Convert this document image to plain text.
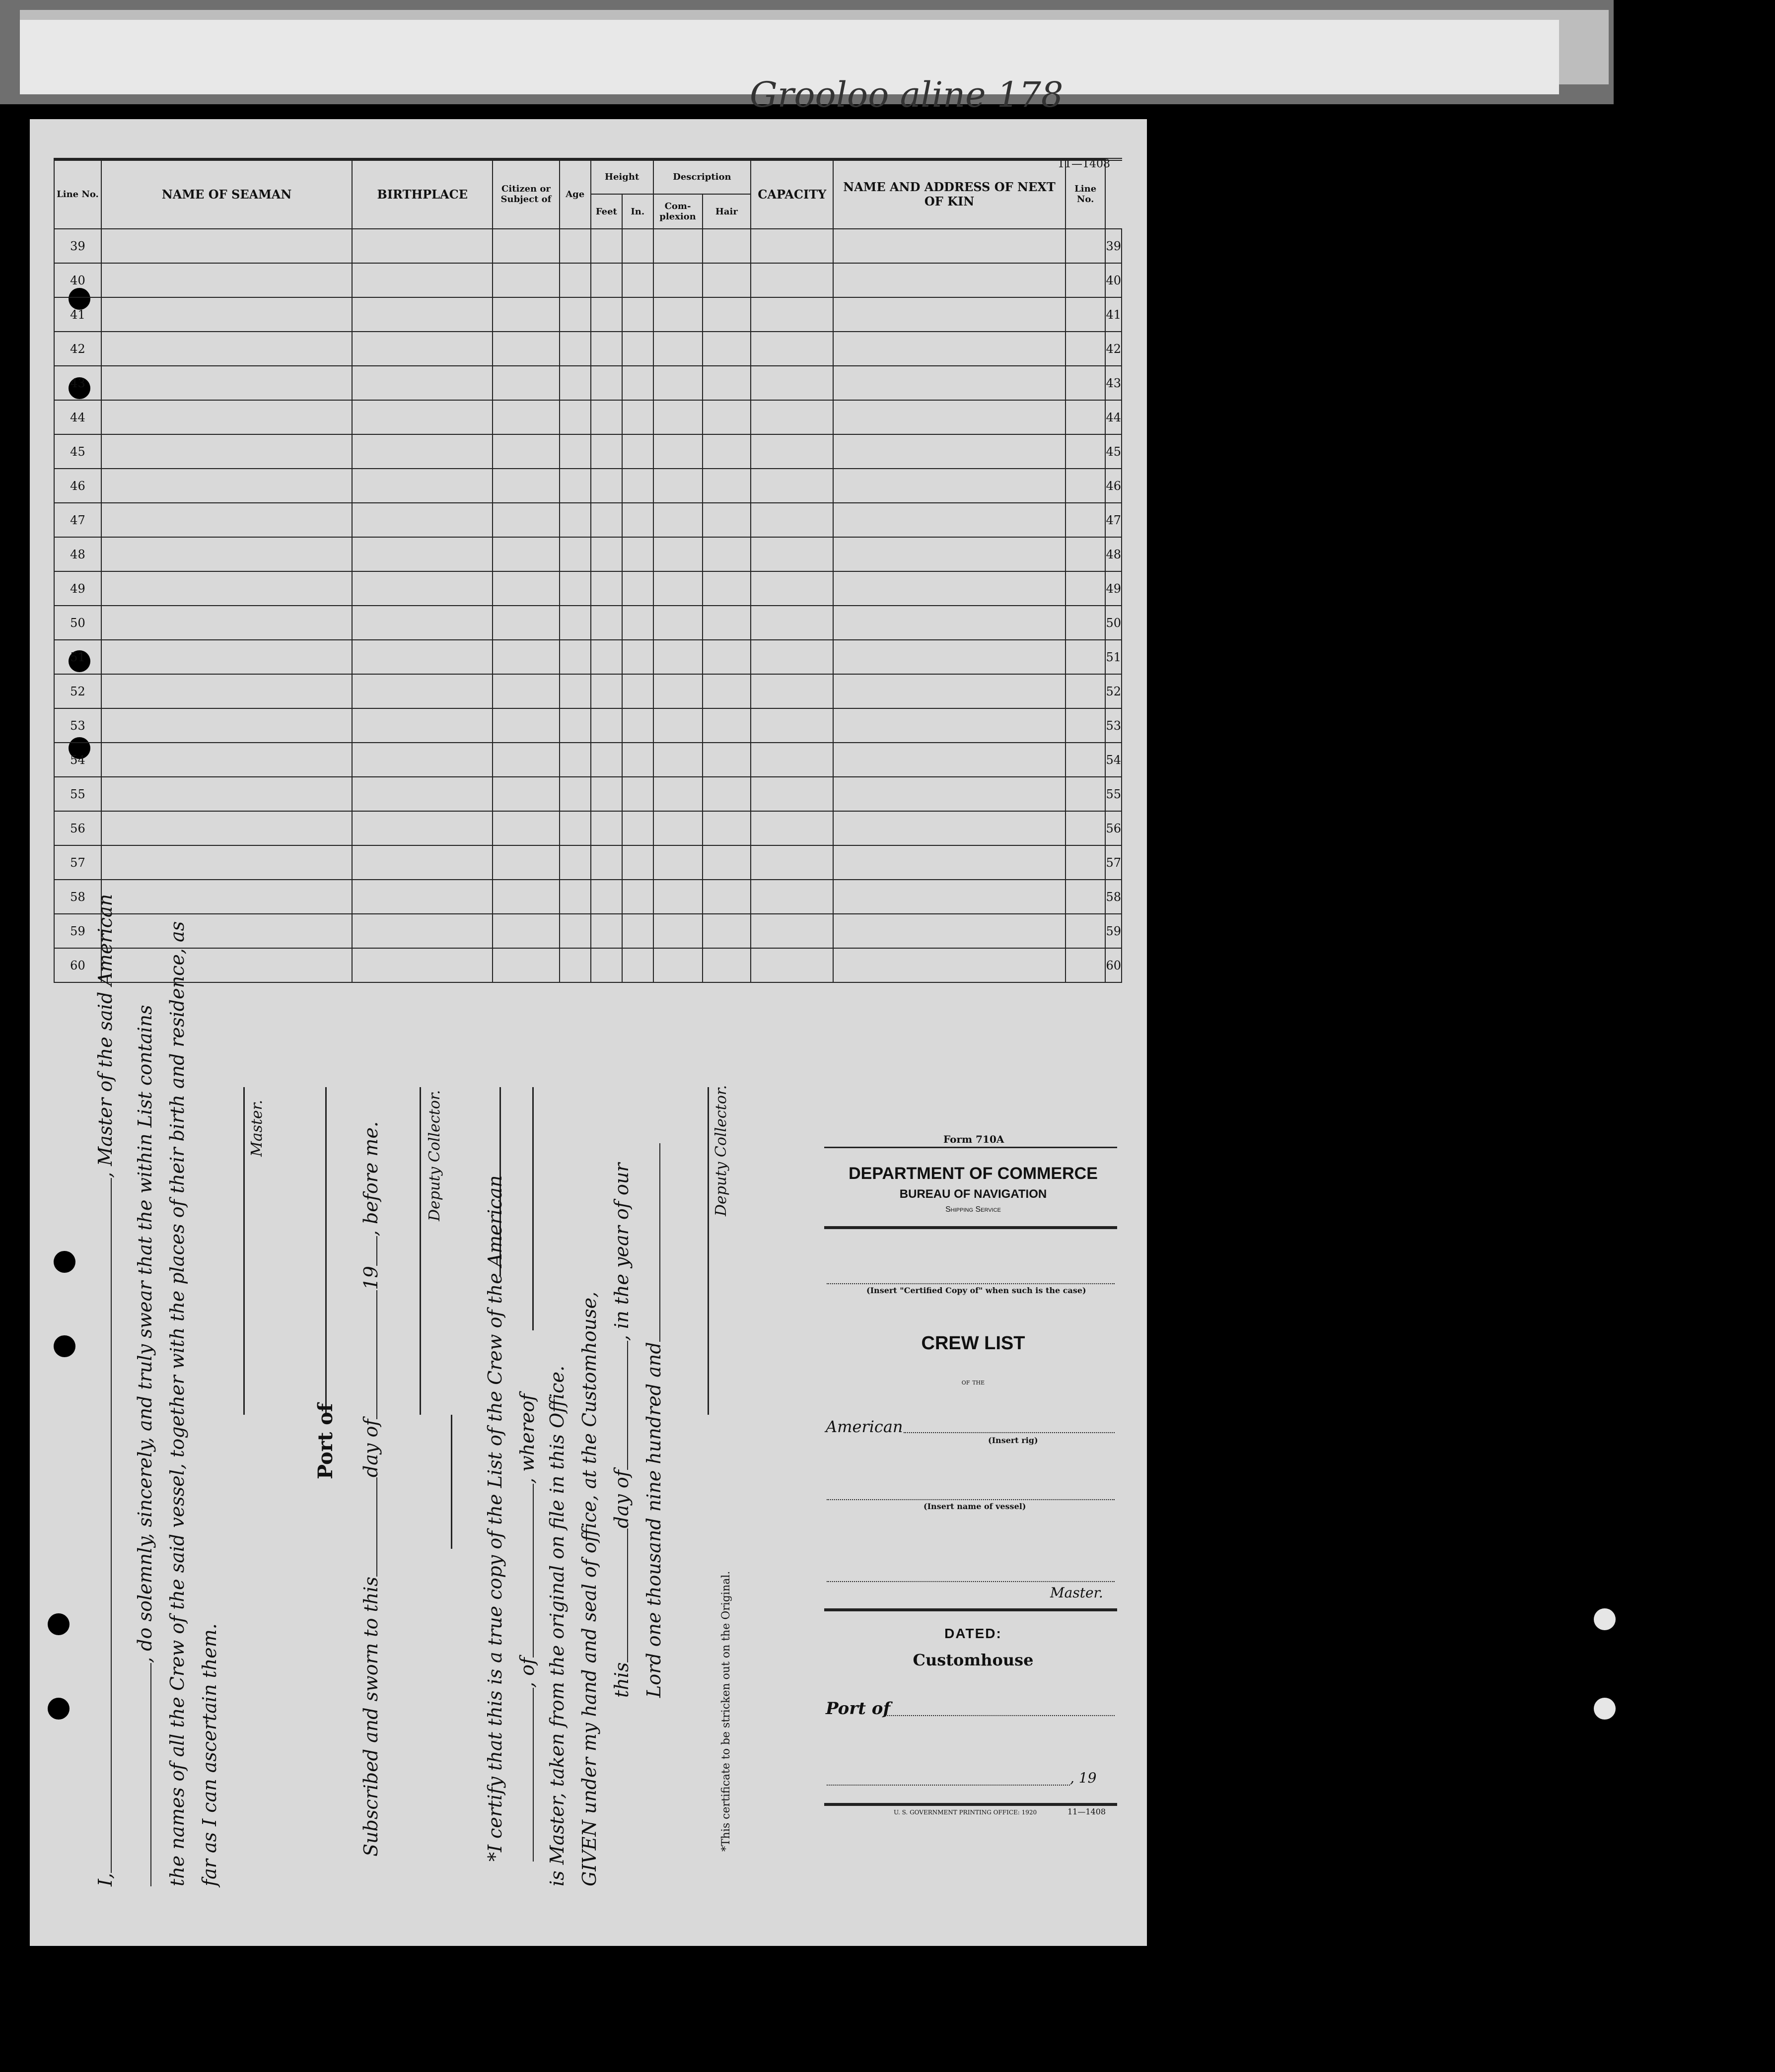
Grooloo aline 178
11—1408
Line No.	NAME OF SEAMAN	BIRTHPLACE	Citizen or Subject of	Age	Height		Description		CAPACITY	NAME AND ADDRESS OF NEXT OF KIN	Line No.	
					Feet	In.	Com-plexion	Hair				
39												39
40												40
41												41
42												42
43												43
44												44
45												45
46												46
47												47
48												48
49												49
50												50
51												51
52												52
53												53
54												54
55												55
56												56
57												57
58												58
59												59
60												60
I,, Master of the said American , do solemnly, sincerely, and truly swear that the within List contains the names of all the Crew of the said vessel, together with the places of their birth and residence, as far as I can ascertain them.
Master.
Port of
Subscribed and sworn to thisday of19, before me.	Deputy Collector.
*I certify that this is a true copy of the List of the Crew of the American , of, whereof is Master, taken from the original on file in this Office. GIVEN under my hand and seal of office, at the Customhouse, thisday of, in the year of our
Lord one thousand nine hundred and
Deputy Collector.
*This certificate to be stricken out on the Original.
Form 710A
DEPARTMENT OF COMMERCE
BUREAU OF NAVIGATION
Shipping Service
(Insert "Certified Copy of" when such is the case)
CREW LIST
of the
American
(Insert rig)
(Insert name of vessel)
Master.
DATED:
Customhouse
Port of
, 19
U. S. GOVERNMENT PRINTING OFFICE: 1920	11—1408
